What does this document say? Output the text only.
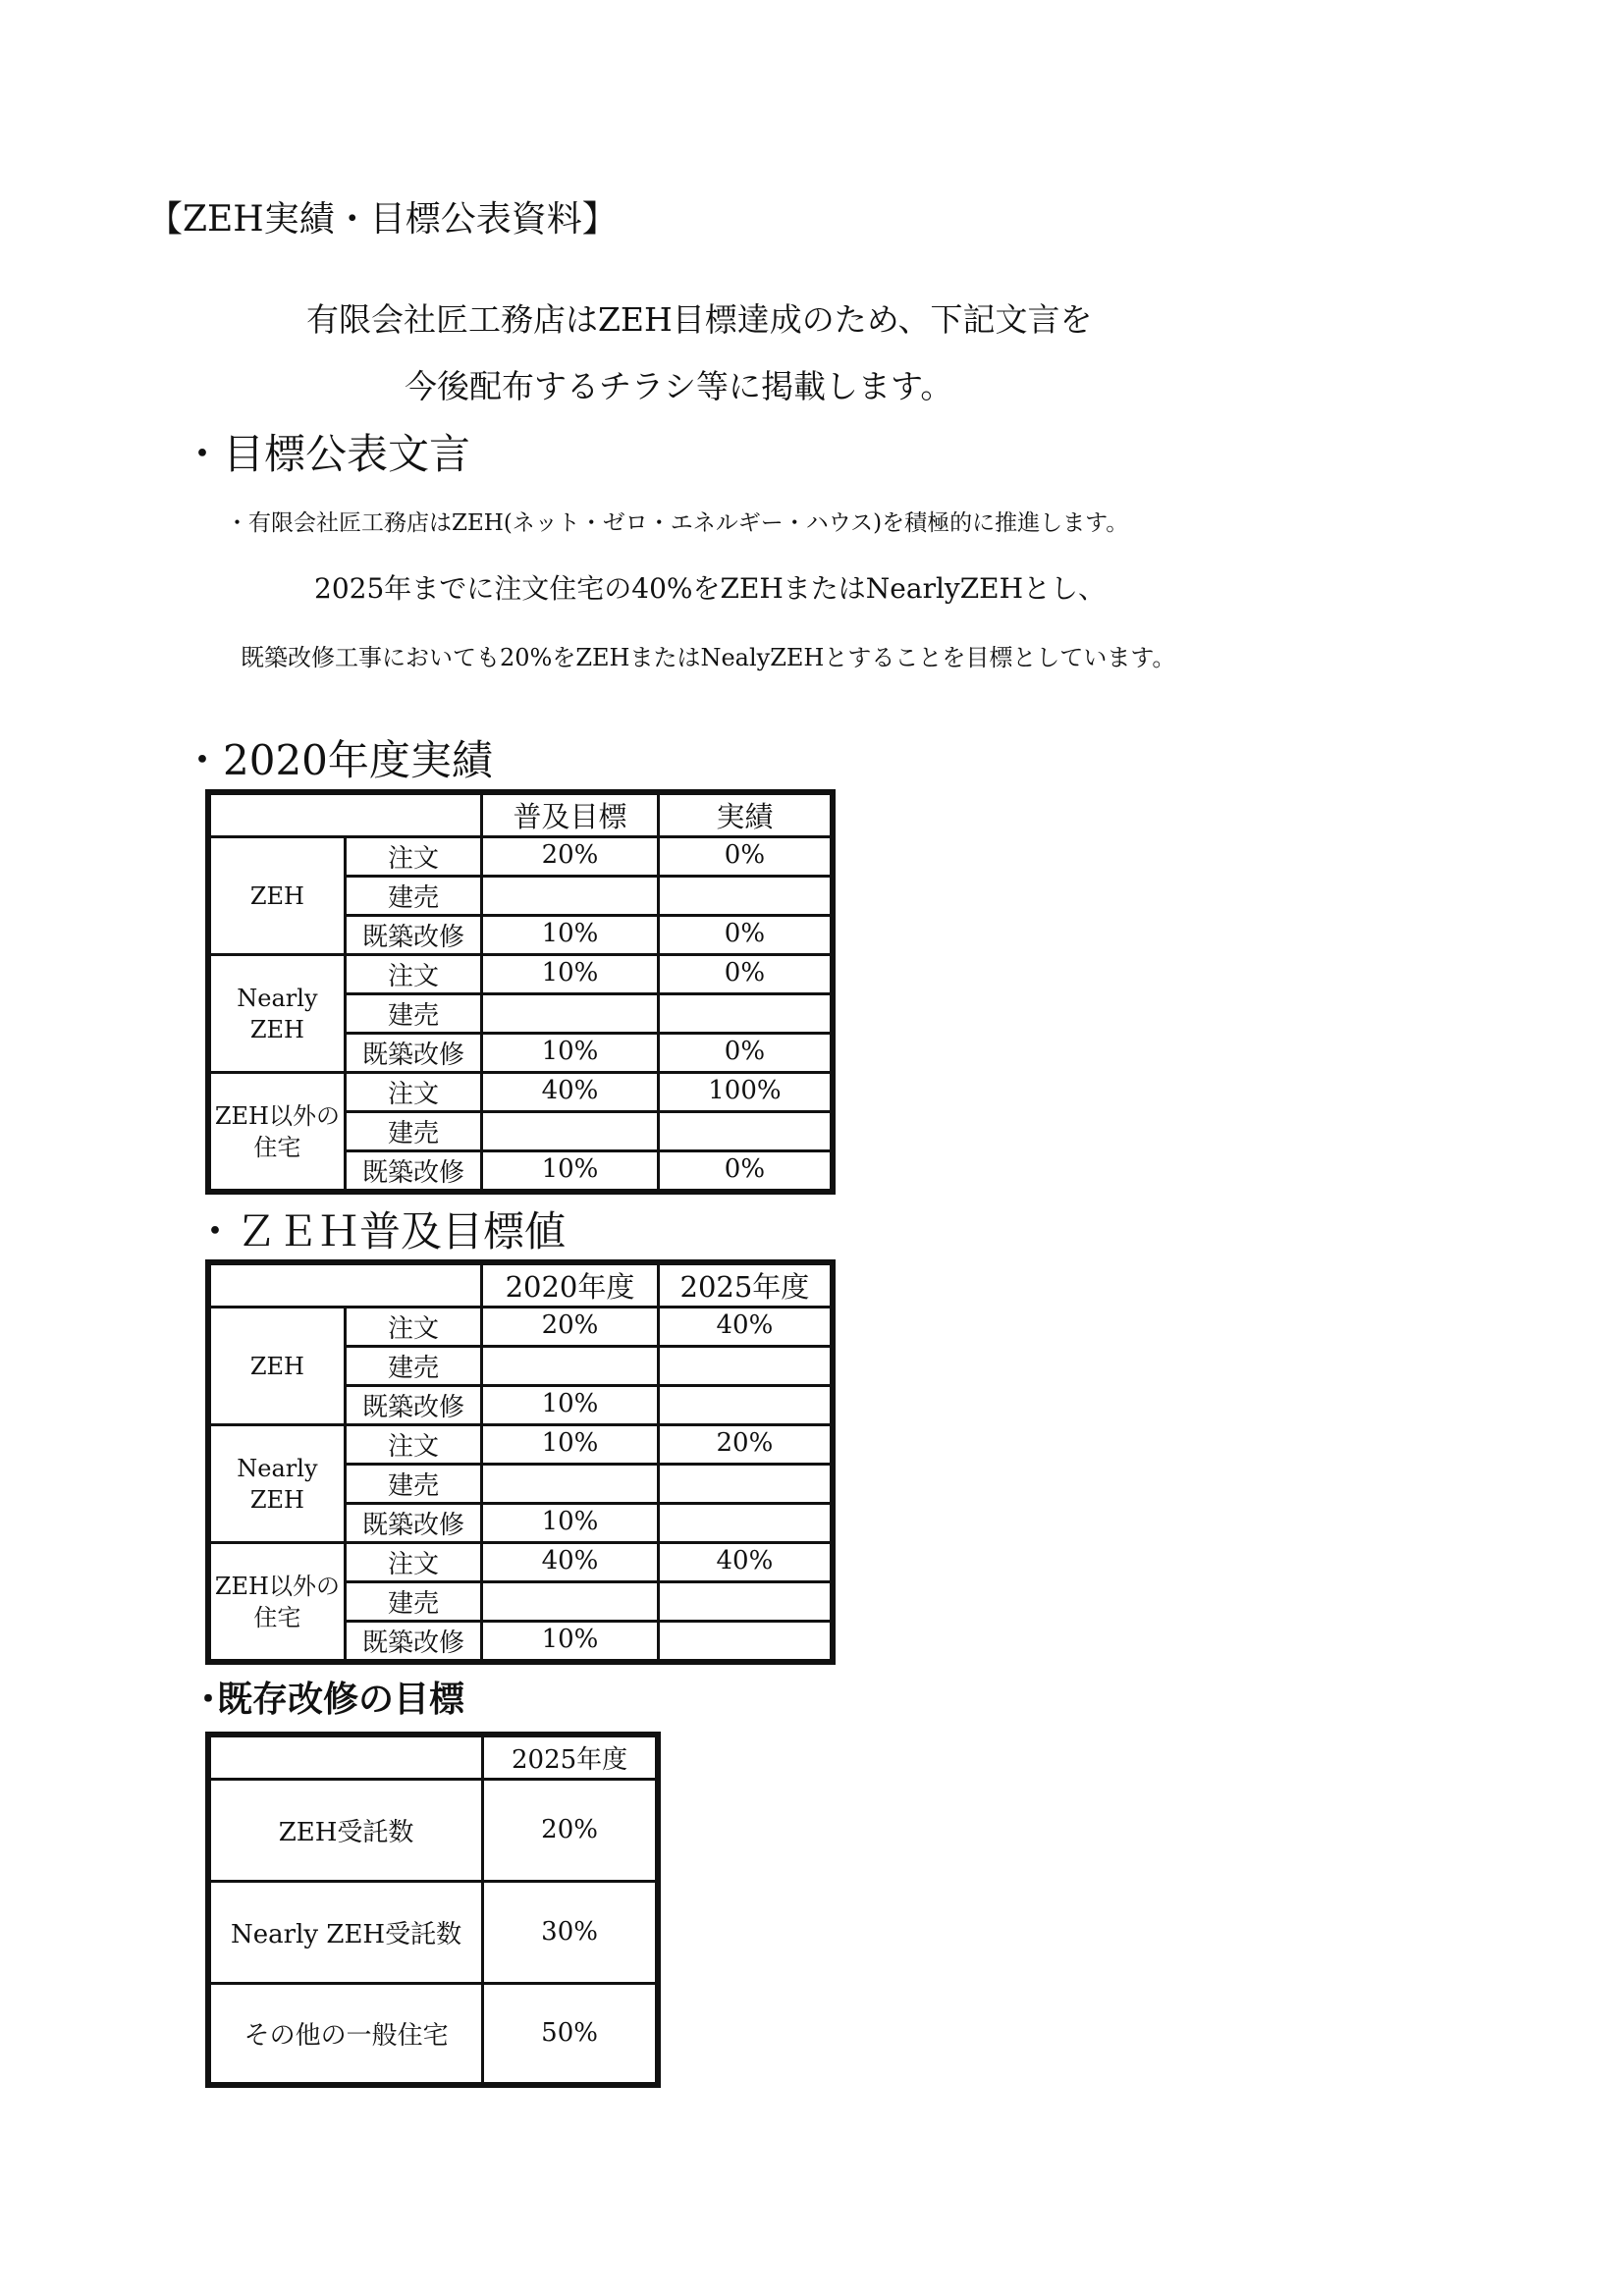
【ZEH実績・目標公表資料】
有限会社匠工務店はZEH目標達成のため、下記文言を
今後配布するチラシ等に掲載します。
・目標公表文言
・有限会社匠工務店はZEH(ネット・ゼロ・エネルギー・ハウス)を積極的に推進します。
2025年までに注文住宅の40%をZEHまたはNearlyZEHとし、
既築改修工事においても20%をZEHまたはNealyZEHとすることを目標としています。
・2020年度実績
		普及目標	実績
ZEH	注文	20%	0%
	建売		
	既築改修	10%	0%
Nearly ZEH	注文	10%	0%
	建売		
	既築改修	10%	0%
ZEH以外の住宅	注文	40%	100%
	建売		
	既築改修	10%	0%
・ＺＥＨ普及目標値
		2020年度	2025年度
ZEH	注文	20%	40%
	建売		
	既築改修	10%	
Nearly ZEH	注文	10%	20%
	建売		
	既築改修	10%	
ZEH以外の住宅	注文	40%	40%
	建売		
	既築改修	10%	
･既存改修の目標
	2025年度
ZEH受託数	20%
Nearly ZEH受託数	30%
その他の一般住宅	50%
